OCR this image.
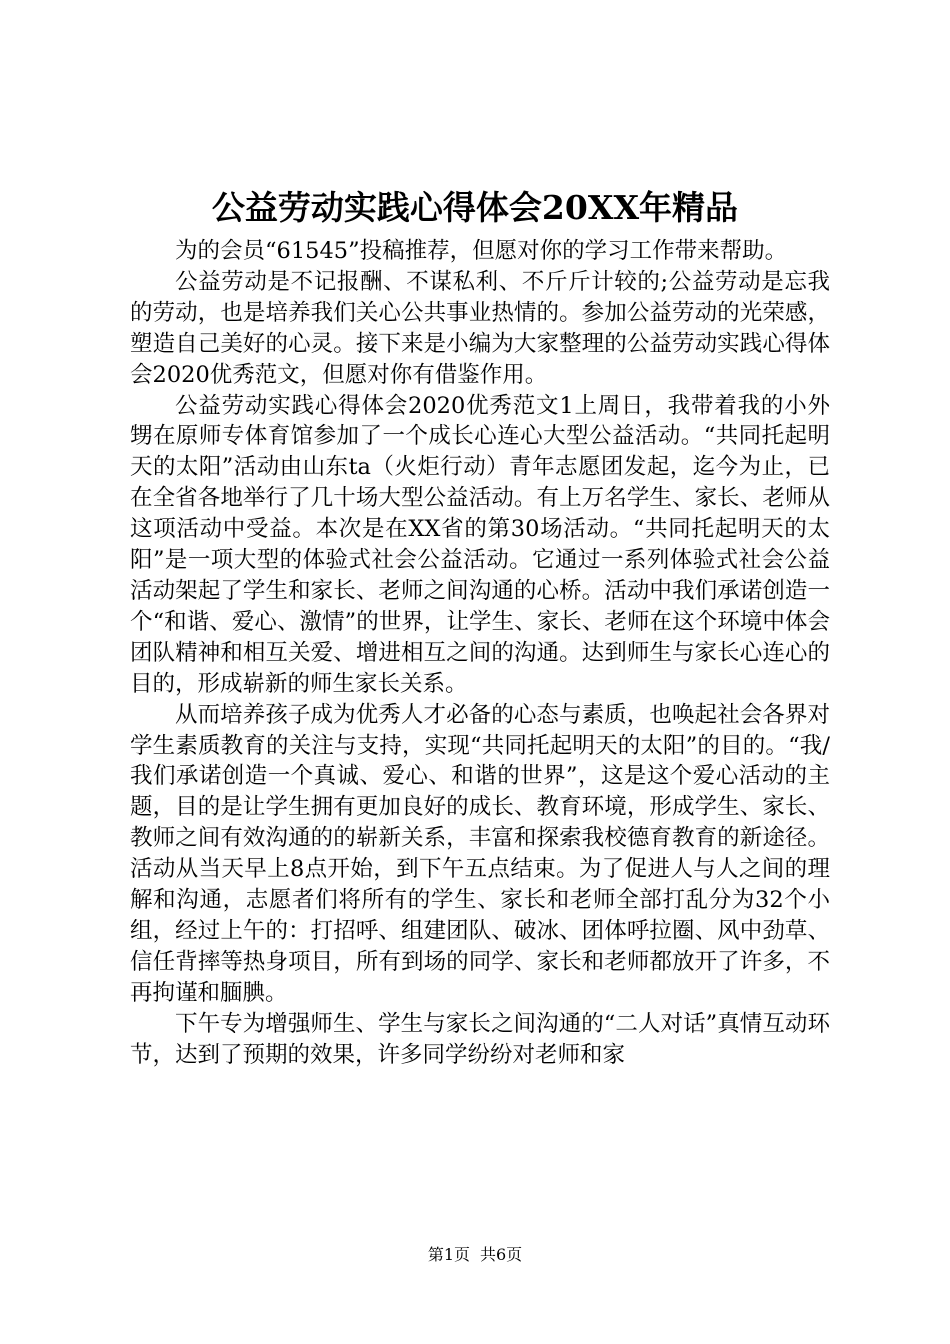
公益劳动实践心得体会20XX年精品

为的会员“61545”投稿推荐，但愿对你的学习工作带来帮助。

公益劳动是不记报酬、不谋私利、不斤斤计较的;公益劳动是忘我的劳动，也是培养我们关心公共事业热情的。参加公益劳动的光荣感，塑造自己美好的心灵。接下来是小编为大家整理的公益劳动实践心得体会2020优秀范文，但愿对你有借鉴作用。

公益劳动实践心得体会2020优秀范文1上周日，我带着我的小外甥在原师专体育馆参加了一个成长心连心大型公益活动。“共同托起明天的太阳”活动由山东ta（火炬行动）青年志愿团发起，迄今为止，已在全省各地举行了几十场大型公益活动。有上万名学生、家长、老师从这项活动中受益。本次是在XX省的第30场活动。“共同托起明天的太阳”是一项大型的体验式社会公益活动。它通过一系列体验式社会公益活动架起了学生和家长、老师之间沟通的心桥。活动中我们承诺创造一个“和谐、爱心、激情”的世界，让学生、家长、老师在这个环境中体会团队精神和相互关爱、增进相互之间的沟通。达到师生与家长心连心的目的，形成崭新的师生家长关系。

从而培养孩子成为优秀人才必备的心态与素质，也唤起社会各界对学生素质教育的关注与支持，实现“共同托起明天的太阳”的目的。“我/我们承诺创造一个真诚、爱心、和谐的世界”，这是这个爱心活动的主题，目的是让学生拥有更加良好的成长、教育环境，形成学生、家长、教师之间有效沟通的的崭新关系，丰富和探索我校德育教育的新途径。活动从当天早上8点开始，到下午五点结束。为了促进人与人之间的理解和沟通，志愿者们将所有的学生、家长和老师全部打乱分为32个小组，经过上午的：打招呼、组建团队、破冰、团体呼拉圈、风中劲草、信任背摔等热身项目，所有到场的同学、家长和老师都放开了许多，不再拘谨和腼腆。

下午专为增强师生、学生与家长之间沟通的“二人对话”真情互动环节，达到了预期的效果，许多同学纷纷对老师和家

第1页 共6页
